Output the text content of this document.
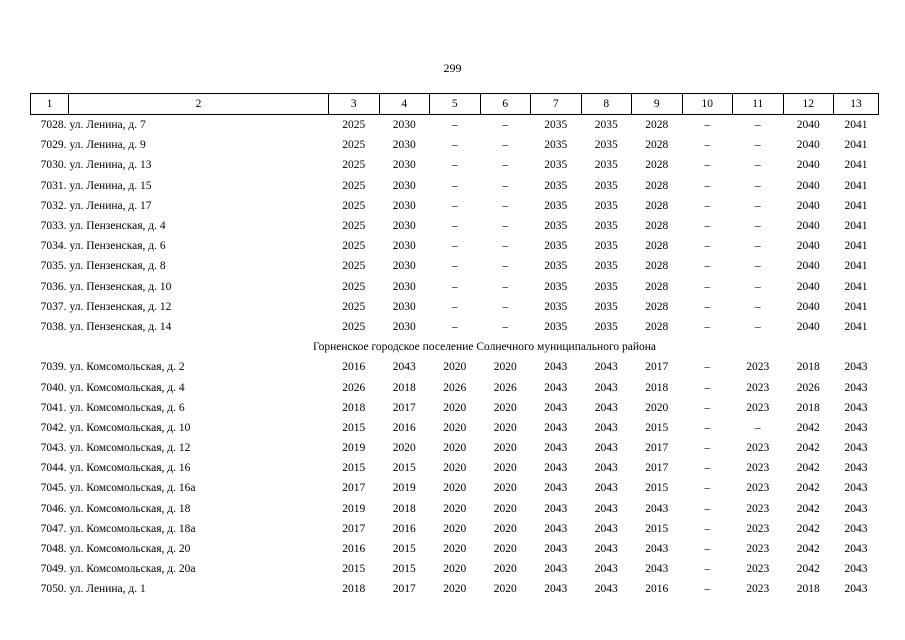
299
1	2	3	4	5	6	7	8	9	10	11	12	13
7028.	ул. Ленина, д. 7	2025	2030	–	–	2035	2035	2028	–	–	2040	2041
7029.	ул. Ленина, д. 9	2025	2030	–	–	2035	2035	2028	–	–	2040	2041
7030.	ул. Ленина, д. 13	2025	2030	–	–	2035	2035	2028	–	–	2040	2041
7031.	ул. Ленина, д. 15	2025	2030	–	–	2035	2035	2028	–	–	2040	2041
7032.	ул. Ленина, д. 17	2025	2030	–	–	2035	2035	2028	–	–	2040	2041
7033.	ул. Пензенская, д. 4	2025	2030	–	–	2035	2035	2028	–	–	2040	2041
7034.	ул. Пензенская, д. 6	2025	2030	–	–	2035	2035	2028	–	–	2040	2041
7035.	ул. Пензенская, д. 8	2025	2030	–	–	2035	2035	2028	–	–	2040	2041
7036.	ул. Пензенская, д. 10	2025	2030	–	–	2035	2035	2028	–	–	2040	2041
7037.	ул. Пензенская, д. 12	2025	2030	–	–	2035	2035	2028	–	–	2040	2041
7038.	ул. Пензенская, д. 14	2025	2030	–	–	2035	2035	2028	–	–	2040	2041
Горненское городское поселение Солнечного муниципального района												
7039.	ул. Комсомольская, д. 2	2016	2043	2020	2020	2043	2043	2017	–	2023	2018	2043
7040.	ул. Комсомольская, д. 4	2026	2018	2026	2026	2043	2043	2018	–	2023	2026	2043
7041.	ул. Комсомольская, д. 6	2018	2017	2020	2020	2043	2043	2020	–	2023	2018	2043
7042.	ул. Комсомольская, д. 10	2015	2016	2020	2020	2043	2043	2015	–	–	2042	2043
7043.	ул. Комсомольская, д. 12	2019	2020	2020	2020	2043	2043	2017	–	2023	2042	2043
7044.	ул. Комсомольская, д. 16	2015	2015	2020	2020	2043	2043	2017	–	2023	2042	2043
7045.	ул. Комсомольская, д. 16а	2017	2019	2020	2020	2043	2043	2015	–	2023	2042	2043
7046.	ул. Комсомольская, д. 18	2019	2018	2020	2020	2043	2043	2043	–	2023	2042	2043
7047.	ул. Комсомольская, д. 18а	2017	2016	2020	2020	2043	2043	2015	–	2023	2042	2043
7048.	ул. Комсомольская, д. 20	2016	2015	2020	2020	2043	2043	2043	–	2023	2042	2043
7049.	ул. Комсомольская, д. 20а	2015	2015	2020	2020	2043	2043	2043	–	2023	2042	2043
7050.	ул. Ленина, д. 1	2018	2017	2020	2020	2043	2043	2016	–	2023	2018	2043
